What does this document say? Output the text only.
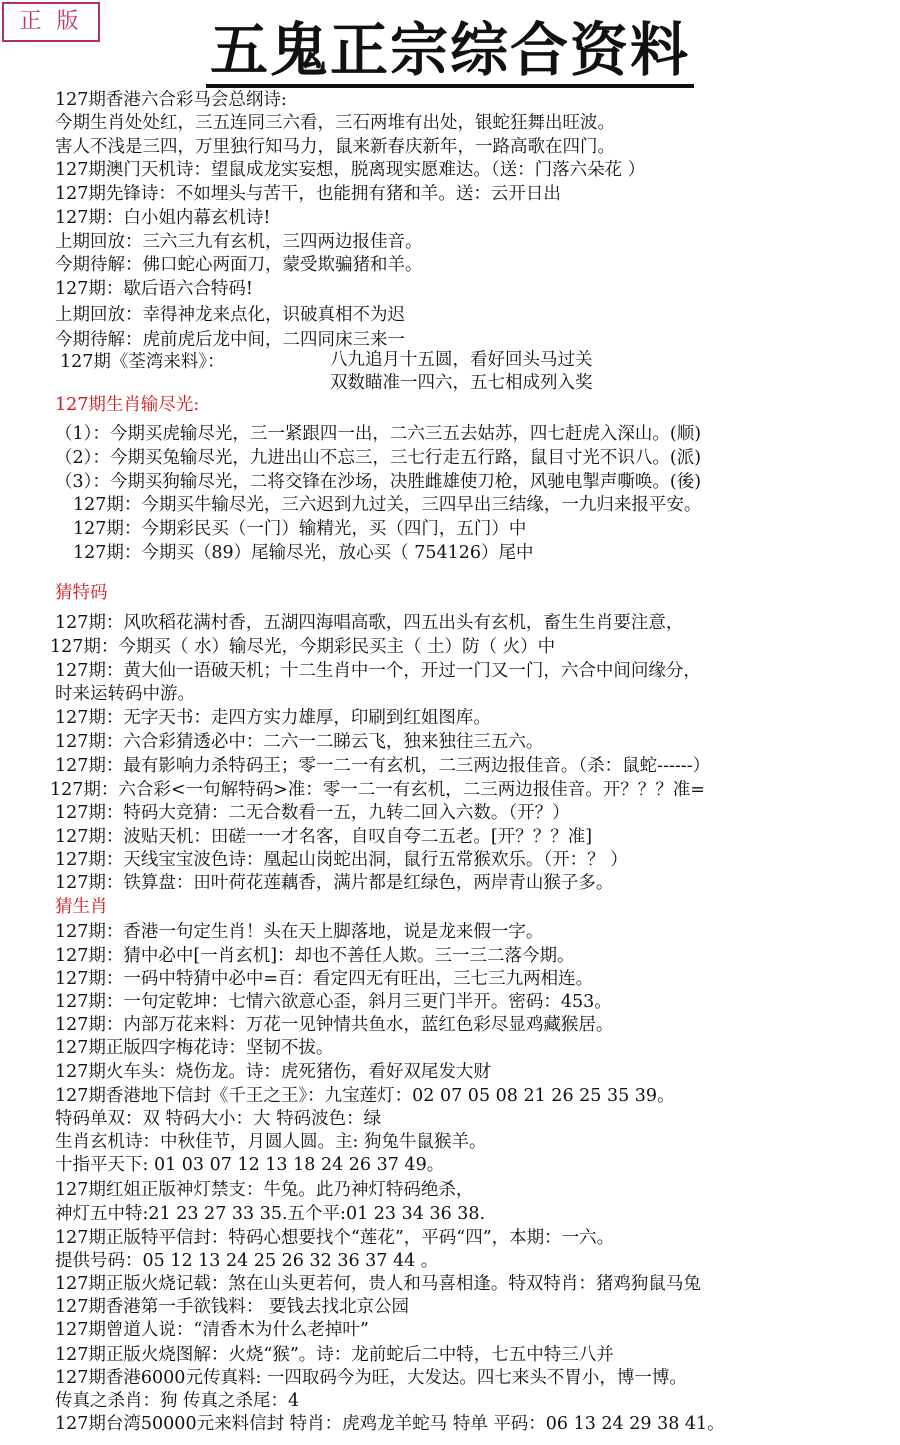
正 版	五鬼正宗综合资料
127期香港六合彩马会总纲诗:
今期生肖处处红，三五连同三六看，三石两堆有出处，银蛇狂舞出旺波。
害人不浅是三四，万里独行知马力，鼠来新春庆新年，一路高歌在四门。
127期澳门天机诗：望鼠成龙实妄想，脱离现实愿难达。（送：门落六朵花 ）
127期先锋诗：不如埋头与苦干，也能拥有猪和羊。送：云开日出
127期：白小姐内幕玄机诗!
上期回放：三六三九有玄机，三四两边报佳音。
今期待解：佛口蛇心两面刀，蒙受欺骗猪和羊。
127期：歇后语六合特码!
上期回放：幸得神龙来点化，识破真相不为迟
今期待解：虎前虎后龙中间，二四同床三来一
127期《荃湾来料》：	八九追月十五圆，看好回头马过关
双数瞄准一四六，五七相成列入奖
127期生肖输尽光:
（1）：今期买虎输尽光，三一紧跟四一出，二六三五去姑苏，四七赶虎入深山。(顺)
（2）：今期买兔输尽光，九进出山不忘三，三七行走五行路，鼠目寸光不识八。(派)
（3）：今期买狗输尽光，二将交锋在沙场，决胜雌雄使刀枪，风驰电掣声嘶唤。(後)
127期：今期买牛输尽光，三六迟到九过关，三四早出三结缘，一九归来报平安。
127期：今期彩民买（一门）输精光，买（四门，五门）中
127期：今期买（89）尾输尽光，放心买（ 754126）尾中
猜特码
127期：风吹稻花满村香，五湖四海唱高歌，四五出头有玄机，畜生生肖要注意，
127期：今期买（ 水）输尽光，今期彩民买主（ 土）防（ 火）中
127期：黄大仙一语破天机；十二生肖中一个，开过一门又一门，六合中间问缘分，
时来运转码中游。
127期：无字天书：走四方实力雄厚，印刷到红姐图库。
127期：六合彩猜透必中：二六一二睇云飞，独来独往三五六。
127期：最有影响力杀特码王；零一二一有玄机，二三两边报佳音。（杀：鼠蛇------）
127期：六合彩<一句解特码>准：零一二一有玄机，二三两边报佳音。开？？？准=
127期：特码大竞猜：二无合数看一五，九转二回入六数。（开？）
127期：波贴天机：田磋一一才名客，自叹自夸二五老。[开？？？准]
127期：天线宝宝波色诗：凰起山岗蛇出洞，鼠行五常猴欢乐。（开：？ ）
127期：铁算盘：田叶荷花莲藕香，满片都是红绿色，两岸青山猴子多。
猜生肖
127期：香港一句定生肖！头在天上脚落地，说是龙来假一字。
127期：猜中必中[一肖玄机]：却也不善任人欺。三一三二落今期。
127期：一码中特猜中必中=百：看定四无有旺出，三七三九两相连。
127期：一句定乾坤：七情六欲意心歪，斜月三更门半开。密码：453。
127期：内部万花来料：万花一见钟情共鱼水，蓝红色彩尽显鸡藏猴居。
127期正版四字梅花诗：坚韧不拔。
127期火车头：烧伤龙。诗：虎死猪伤，看好双尾发大财
127期香港地下信封《千王之王》：九宝莲灯：02 07 05 08 21 26 25 35 39。
特码单双：双 特码大小：大 特码波色：绿
生肖玄机诗：中秋佳节，月圆人圆。主: 狗兔牛鼠猴羊。
十指平天下: 01 03 07 12 13 18 24 26 37 49。
127期红姐正版神灯禁支：牛兔。此乃神灯特码绝杀，
神灯五中特:21 23 27 33 35.五个平:01 23 34 36 38.
127期正版特平信封：特码心想要找个“莲花”，平码“四”，本期：一六。
提供号码：05 12 13 24 25 26 32 36 37 44 。
127期正版火烧记载：煞在山头更若何，贵人和马喜相逢。特双特肖：猪鸡狗鼠马兔
127期香港第一手欲钱料： 要钱去找北京公园
127期曾道人说：“清香木为什么老掉叶”
127期正版火烧图解：火烧“猴”。诗：龙前蛇后二中特，七五中特三八并
127期香港6000元传真料: 一四取码今为旺，大发达。四七来头不胃小，博一博。
传真之杀肖：狗 传真之杀尾：4
127期台湾50000元来料信封 特肖：虎鸡龙羊蛇马 特单 平码：06 13 24 29 38 41。
